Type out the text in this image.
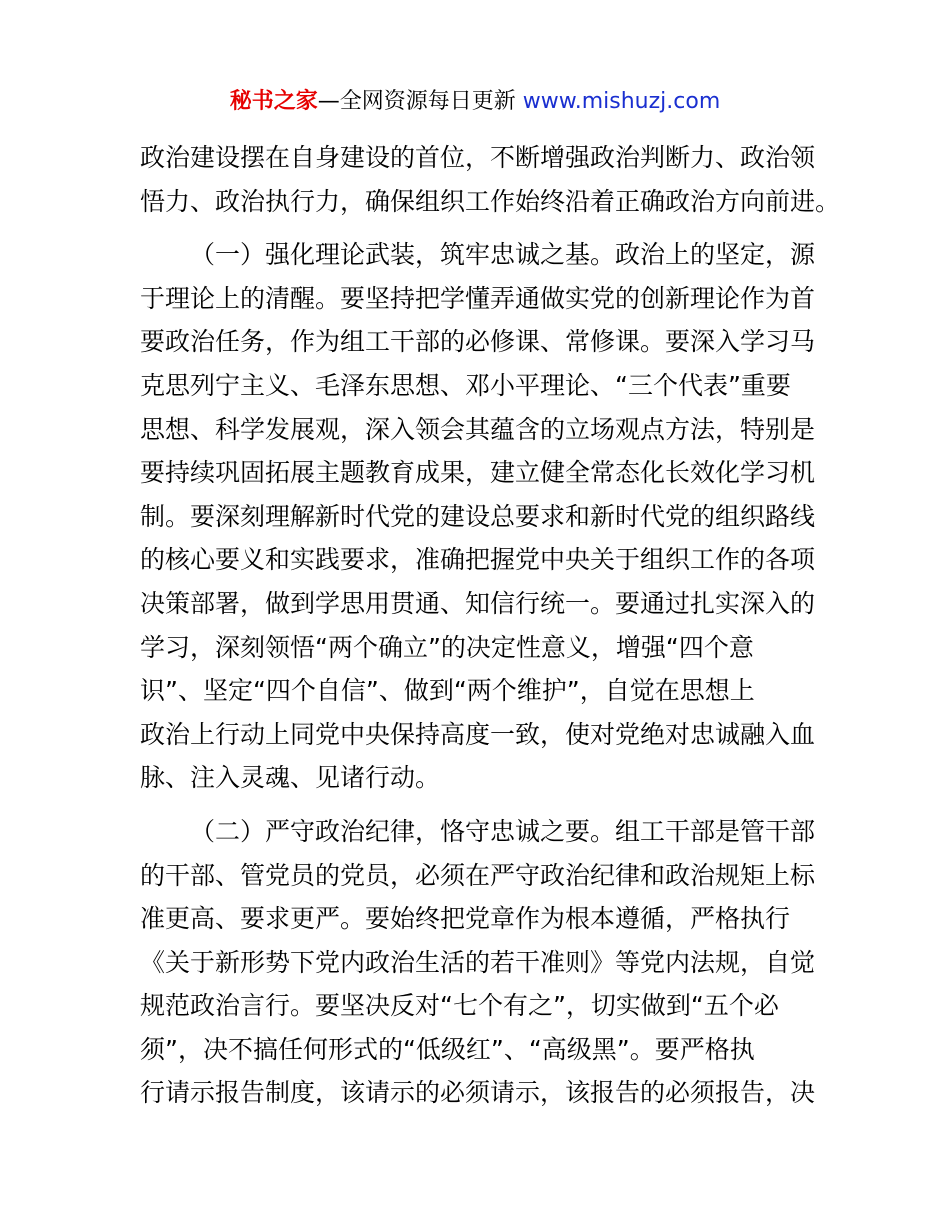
秘书之家—全网资源每日更新 www.mishuzj.com
政治建设摆在自身建设的首位，不断增强政治判断力、政治领
悟力、政治执行力，确保组织工作始终沿着正确政治方向前进。
（一）强化理论武装，筑牢忠诚之基。政治上的坚定，源
于理论上的清醒。要坚持把学懂弄通做实党的创新理论作为首
要政治任务，作为组工干部的必修课、常修课。要深入学习马
克思列宁主义、毛泽东思想、邓小平理论、“三个代表”重要
思想、科学发展观，深入领会其蕴含的立场观点方法，特别是
要持续巩固拓展主题教育成果，建立健全常态化长效化学习机
制。要深刻理解新时代党的建设总要求和新时代党的组织路线
的核心要义和实践要求，准确把握党中央关于组织工作的各项
决策部署，做到学思用贯通、知信行统一。要通过扎实深入的
学习，深刻领悟“两个确立”的决定性意义，增强“四个意
识”、坚定“四个自信”、做到“两个维护”，自觉在思想上
政治上行动上同党中央保持高度一致，使对党绝对忠诚融入血
脉、注入灵魂、见诸行动。
（二）严守政治纪律，恪守忠诚之要。组工干部是管干部
的干部、管党员的党员，必须在严守政治纪律和政治规矩上标
准更高、要求更严。要始终把党章作为根本遵循，严格执行
《关于新形势下党内政治生活的若干准则》等党内法规，自觉
规范政治言行。要坚决反对“七个有之”，切实做到“五个必
须”，决不搞任何形式的“低级红”、“高级黑”。要严格执
行请示报告制度，该请示的必须请示，该报告的必须报告，决
